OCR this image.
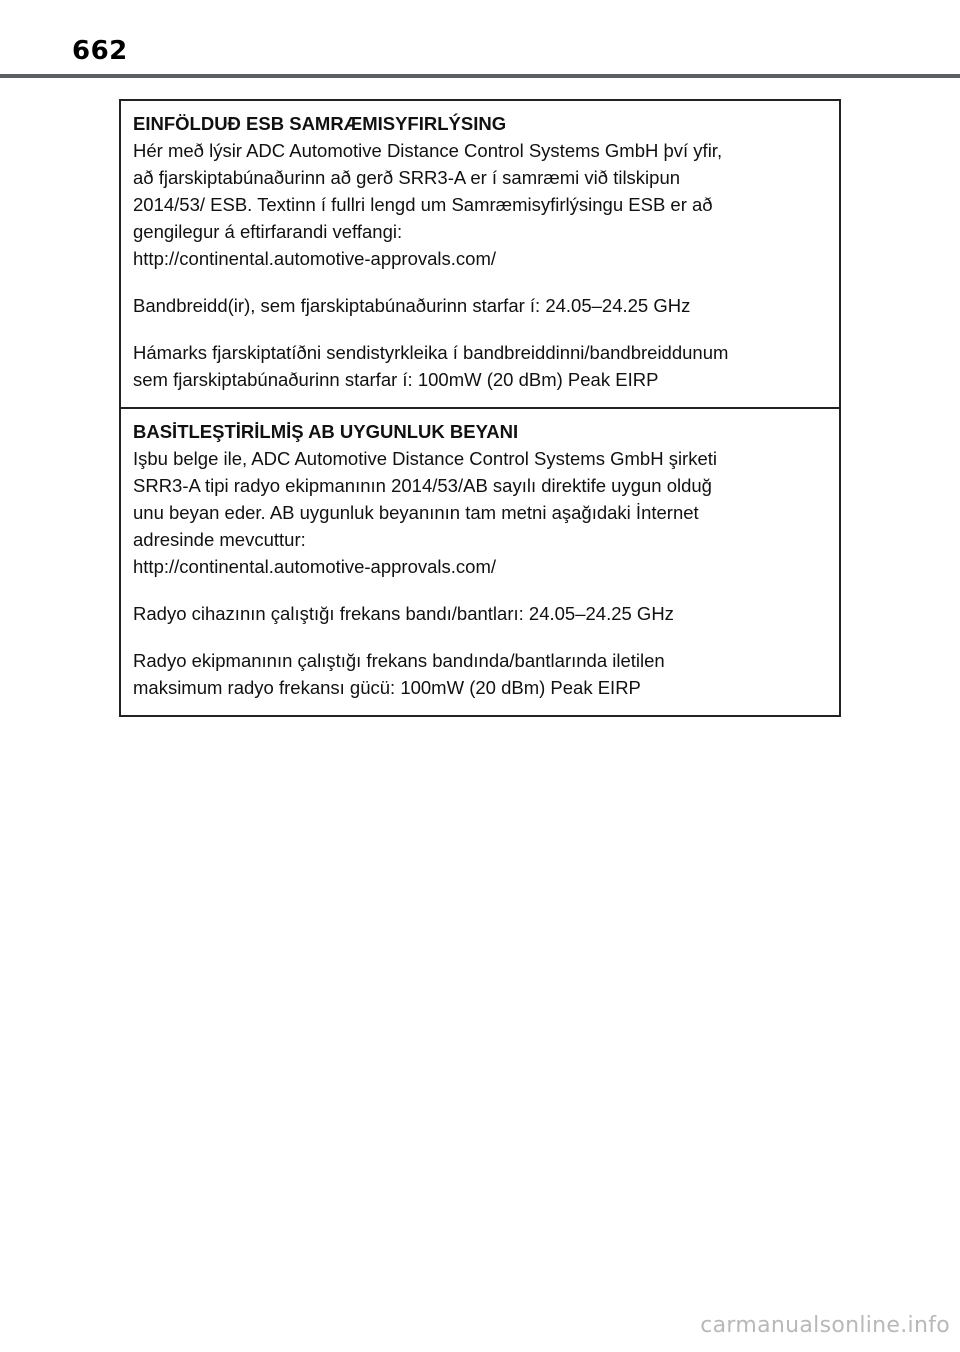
662
EINFÖLDUÐ ESB SAMRÆMISYFIRLÝSING
Hér með lýsir ADC Automotive Distance Control Systems GmbH því yfir,
að fjarskiptabúnaðurinn að gerð SRR3-A er í samræmi við tilskipun
2014/53/ ESB. Textinn í fullri lengd um Samræmisyfirlýsingu ESB er að
gengilegur á eftirfarandi veffangi:
http://continental.automotive-approvals.com/
Bandbreidd(ir), sem fjarskiptabúnaðurinn starfar í: 24.05–24.25 GHz
Hámarks fjarskiptatíðni sendistyrkleika í bandbreiddinni/bandbreiddunum
sem fjarskiptabúnaðurinn starfar í: 100mW (20 dBm) Peak EIRP
BASİTLEŞTİRİLMİŞ AB UYGUNLUK BEYANI
Işbu belge ile, ADC Automotive Distance Control Systems GmbH şirketi
SRR3-A tipi radyo ekipmanının 2014/53/AB sayılı direktife uygun olduğ
unu beyan eder. AB uygunluk beyanının tam metni aşağıdaki İnternet
adresinde mevcuttur:
http://continental.automotive-approvals.com/
Radyo cihazının çalıştığı frekans bandı/bantları: 24.05–24.25 GHz
Radyo ekipmanının çalıştığı frekans bandında/bantlarında iletilen
maksimum radyo frekansı gücü: 100mW (20 dBm) Peak EIRP
carmanualsonline.info
